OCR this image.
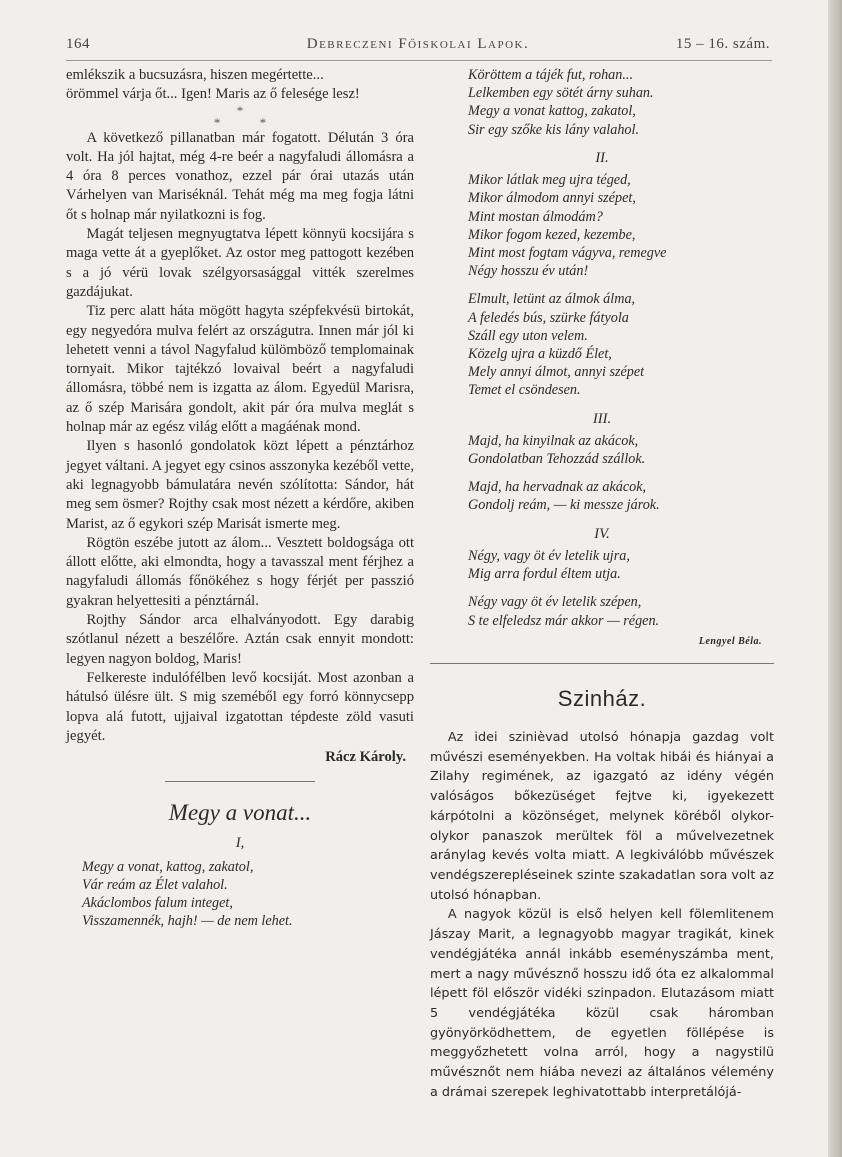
164	Debreczeni Főiskolai Lapok.	15 – 16. szám.

emlékszik a bucsuzásra, hiszen megértette...

örömmel várja őt... Igen! Maris az ő felesége lesz!

*
*	*

A következő pillanatban már fogatott. Délután 3 óra volt. Ha jól hajtat, még 4-re beér a nagyfaludi állomásra a 4 óra 8 perces vonathoz, ezzel pár órai utazás után Várhelyen van Mariséknál. Tehát még ma meg fogja látni őt s holnap már nyilatkozni is fog.

Magát teljesen megnyugtatva lépett könnyü kocsijára s maga vette át a gyeplőket. Az ostor meg pattogott kezében s a jó vérü lovak szélgyorsasággal vitték szerelmes gazdájukat.

Tiz perc alatt háta mögött hagyta szépfekvésü birtokát, egy negyedóra mulva felért az országutra. Innen már jól ki lehetett venni a távol Nagyfalud külömböző templomainak tornyait. Mikor tajtékzó lovaival beért a nagyfaludi állomásra, többé nem is izgatta az álom. Egyedül Marisra, az ő szép Marisára gondolt, akit pár óra mulva meglát s holnap már az egész világ előtt a magáénak mond.

Ilyen s hasonló gondolatok közt lépett a pénztárhoz jegyet váltani. A jegyet egy csinos asszonyka kezéből vette, aki legnagyobb bámulatára nevén szólította: Sándor, hát meg sem ösmer? Rojthy csak most nézett a kérdőre, akiben Marist, az ő egykori szép Marisát ismerte meg.

Rögtön eszébe jutott az álom... Vesztett boldogsága ott állott előtte, aki elmondta, hogy a tavasszal ment férjhez a nagyfaludi állomás főnökéhez s hogy férjét per passzió gyakran helyettesiti a pénztárnál.

Rojthy Sándor arca elhalványodott. Egy darabig szótlanul nézett a beszélőre. Aztán csak ennyit mondott: legyen nagyon boldog, Maris!

Felkereste indulófélben levő kocsiját. Most azonban a hátulsó ülésre ült. S mig szeméből egy forró könnycsepp lopva alá futott, ujjaival izgatottan tépdeste zöld vasuti jegyét.

Rácz Károly.
Megy a vonat...
I,
Megy a vonat, kattog, zakatol,
Vár reám az Élet valahol.
Akáclombos falum integet,
Visszamennék, hajh! — de nem lehet.
Köröttem a tájék fut, rohan...
Lelkemben egy sötét árny suhan.
Megy a vonat kattog, zakatol,
Sir egy szőke kis lány valahol.
II.
Mikor látlak meg ujra téged,
Mikor álmodom annyi szépet,
Mint mostan álmodám?
Mikor fogom kezed, kezembe,
Mint most fogtam vágyva, remegve
Négy hosszu év után!
Elmult, letünt az álmok álma,
A feledés bús, szürke fátyola
Száll egy uton velem.
Közelg ujra a küzdő Élet,
Mely annyi álmot, annyi szépet
Temet el csöndesen.
III.
Majd, ha kinyilnak az akácok,
Gondolatban Tehozzád szállok.
Majd, ha hervadnak az akácok,
Gondolj reám, — ki messze járok.
IV.
Négy, vagy öt év letelik ujra,
Mig arra fordul éltem utja.
Négy vagy öt év letelik szépen,
S te elfeledsz már akkor — régen.
Lengyel Béla.
Szinház.

Az idei szinièvad utolsó hónapja gazdag volt művészi eseményekben. Ha voltak hibái és hiányai a Zilahy regimének, az igazgató az idény végén valóságos bőkezüséget fejtve ki, igyekezett kárpótolni a közönséget, melynek köréből olykor-olykor panaszok merültek föl a művelvezetnek aránylag kevés volta miatt. A legkiválóbb művészek vendégszerepléseinek szinte szakadatlan sora volt az utolsó hónapban.

A nagyok közül is első helyen kell fölemlitenem Jászay Marit, a legnagyobb magyar tragikát, kinek vendégjátéka annál inkább eseményszámba ment, mert a nagy művésznő hosszu idő óta ez alkalommal lépett föl először vidéki szinpadon. Elutazásom miatt 5 vendégjátéka közül csak háromban gyönyörködhettem, de egyetlen föllépése is meggyőzhetett volna arról, hogy a nagystilü művésznőt nem hiába nevezi az általános vélemény a drámai szerepek leghivatottabb interpretálójá-
